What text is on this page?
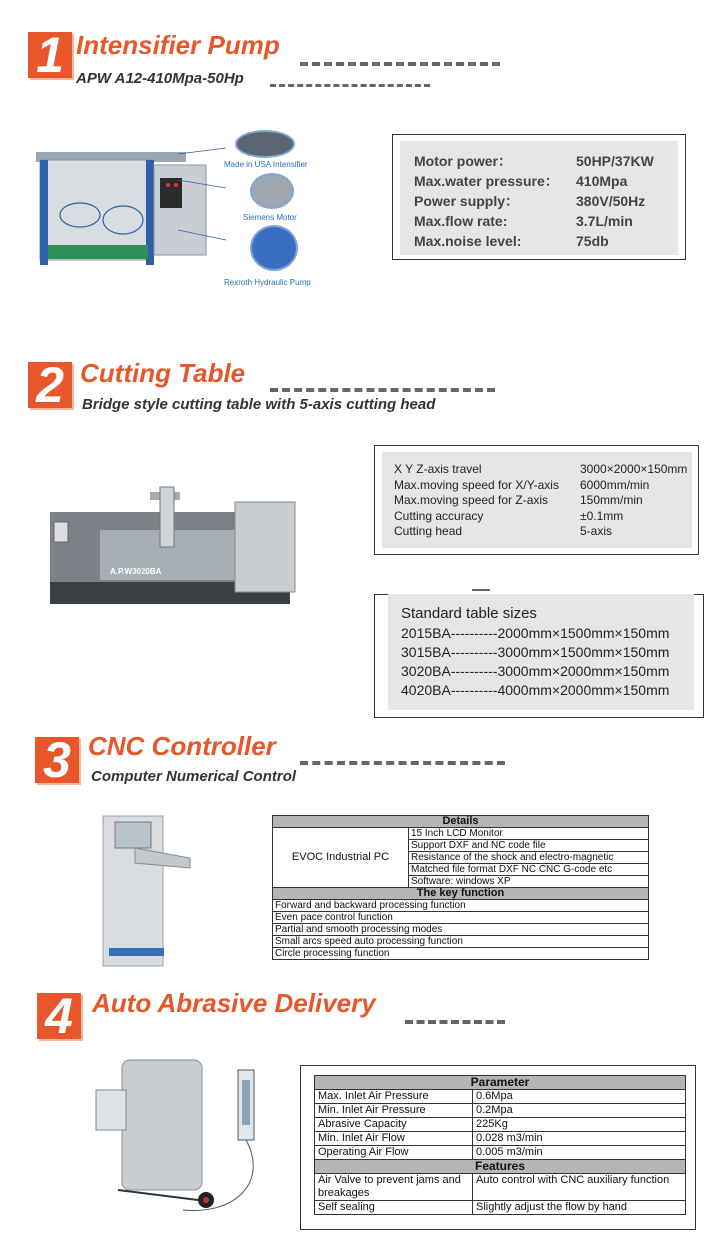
1 Intensifier Pump
APW A12-410Mpa-50Hp
Made in USA Intensifier
Siemens Motor
Rexroth Hydraulic Pump
Motor power：	50HP/37KW
Max.water pressure：	410Mpa
Power supply：	380V/50Hz
Max.flow rate:	3.7L/min
Max.noise level:	75db
2 Cutting Table
Bridge style cutting table with 5-axis cutting head
A.P.W3020BA
X Y Z-axis travel	3000×2000×150mm
Max.moving speed for X/Y-axis	6000mm/min
Max.moving speed for Z-axis	150mm/min
Cutting accuracy	±0.1mm
Cutting head	5-axis
Standard table sizes
2015BA----------2000mm×1500mm×150mm
3015BA----------3000mm×1500mm×150mm
3020BA----------3000mm×2000mm×150mm
4020BA----------4000mm×2000mm×150mm
3 CNC Controller
Computer Numerical Control
Details
EVOC Industrial PC	15 Inch LCD Monitor
Support DXF and NC code file
Resistance of the shock and electro-magnetic
Matched file format DXF NC CNC G-code etc
Software: windows XP
The key function
Forward and backward processing function
Even pace control function
Partial and smooth processing modes
Small arcs speed auto processing function
Circle processing function
4 Auto Abrasive Delivery
Parameter	
Max. Inlet Air Pressure	0.6Mpa
Min. Inlet Air Pressure	0.2Mpa
Abrasive Capacity	225Kg
Min. Inlet Air Flow	0.028 m3/min
Operating Air Flow	0.005 m3/min
Features	
Air Valve to prevent jams and breakages	Auto control with CNC auxiliary function
Self sealing	Slightly adjust the flow by hand
